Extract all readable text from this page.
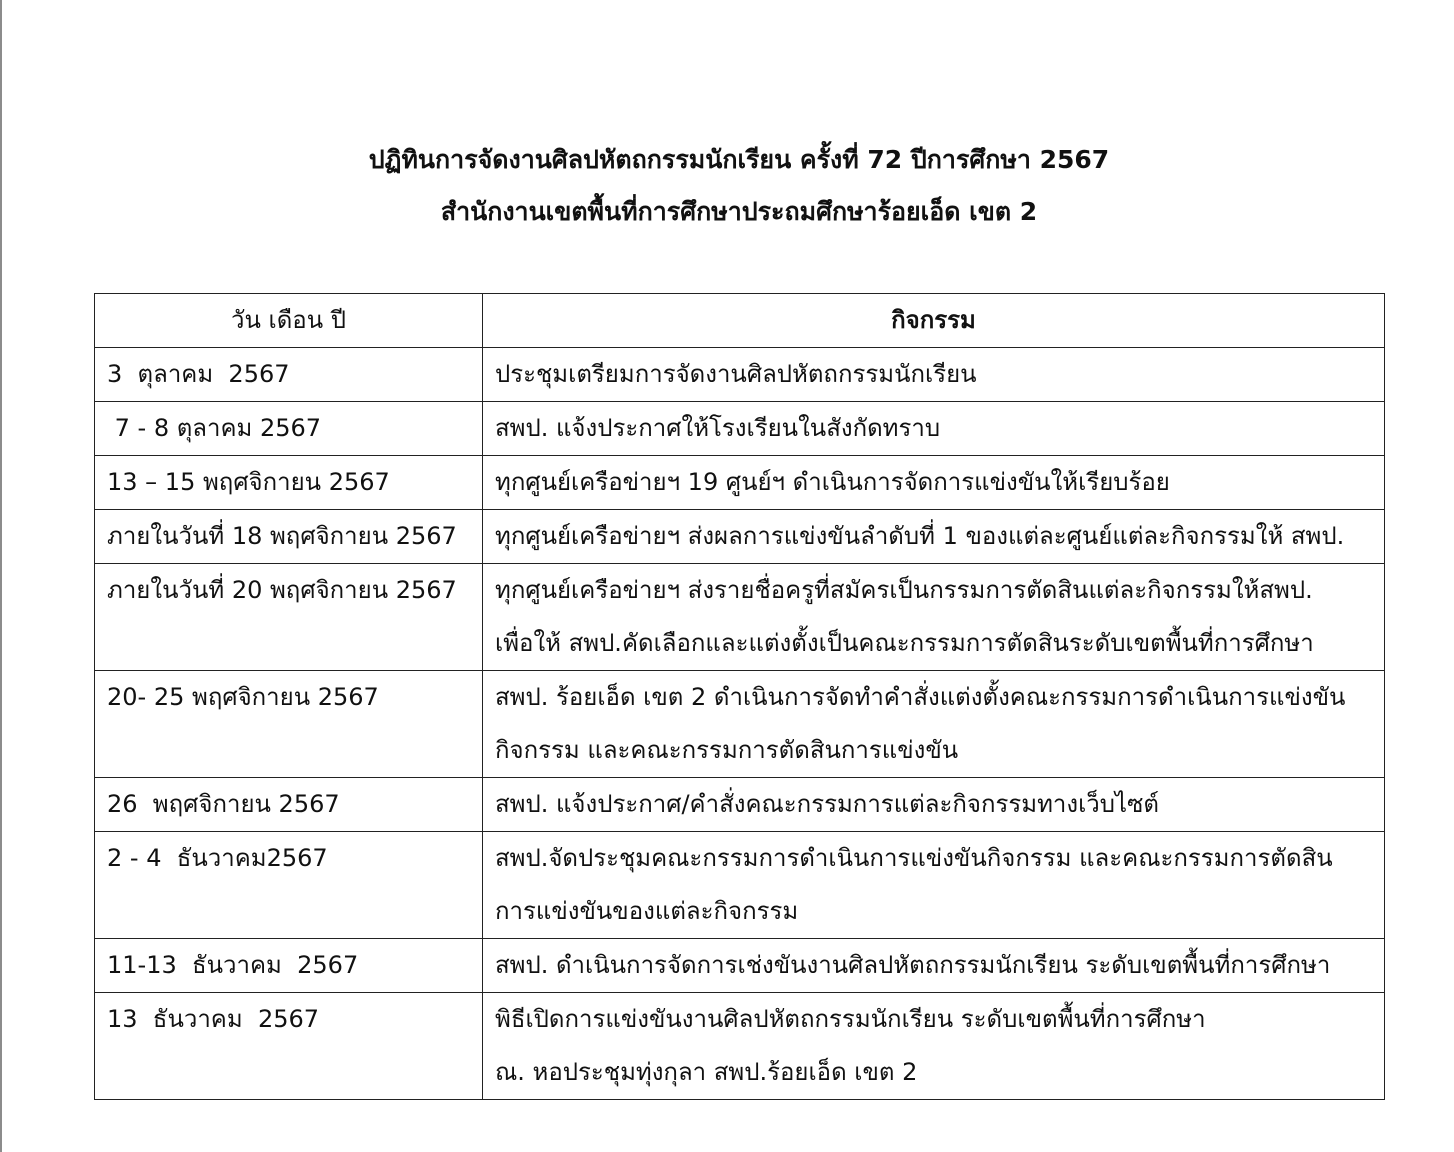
ปฏิทินการจัดงานศิลปหัตถกรรมนักเรียน ครั้งที่ 72 ปีการศึกษา 2567
สำนักงานเขตพื้นที่การศึกษาประถมศึกษาร้อยเอ็ด เขต 2
วัน เดือน ปี	กิจกรรม
3  ตุลาคม  2567	ประชุมเตรียมการจัดงานศิลปหัตถกรรมนักเรียน

7 - 8 ตุลาคม 2567	สพป. แจ้งประกาศให้โรงเรียนในสังกัดทราบ

13 – 15 พฤศจิกายน 2567	ทุกศูนย์เครือข่ายฯ 19 ศูนย์ฯ ดำเนินการจัดการแข่งขันให้เรียบร้อย

ภายในวันที่ 18 พฤศจิกายน 2567	ทุกศูนย์เครือข่ายฯ ส่งผลการแข่งขันลำดับที่ 1 ของแต่ละศูนย์แต่ละกิจกรรมให้ สพป.

ภายในวันที่ 20 พฤศจิกายน 2567	ทุกศูนย์เครือข่ายฯ ส่งรายชื่อครูที่สมัครเป็นกรรมการตัดสินแต่ละกิจกรรมให้สพป.
เพื่อให้ สพป.คัดเลือกและแต่งตั้งเป็นคณะกรรมการตัดสินระดับเขตพื้นที่การศึกษา

20- 25 พฤศจิกายน 2567	สพป. ร้อยเอ็ด เขต 2 ดำเนินการจัดทำคำสั่งแต่งตั้งคณะกรรมการดำเนินการแข่งขัน
กิจกรรม และคณะกรรมการตัดสินการแข่งขัน

26  พฤศจิกายน 2567	สพป. แจ้งประกาศ/คำสั่งคณะกรรมการแต่ละกิจกรรมทางเว็บไซต์

2 - 4  ธันวาคม2567	สพป.จัดประชุมคณะกรรมการดำเนินการแข่งขันกิจกรรม และคณะกรรมการตัดสิน
การแข่งขันของแต่ละกิจกรรม

11-13  ธันวาคม  2567	สพป. ดำเนินการจัดการเช่งขันงานศิลปหัตถกรรมนักเรียน ระดับเขตพื้นที่การศึกษา

13  ธันวาคม  2567	พิธีเปิดการแข่งขันงานศิลปหัตถกรรมนักเรียน ระดับเขตพื้นที่การศึกษา
ณ. หอประชุมทุ่งกุลา สพป.ร้อยเอ็ด เขต 2
